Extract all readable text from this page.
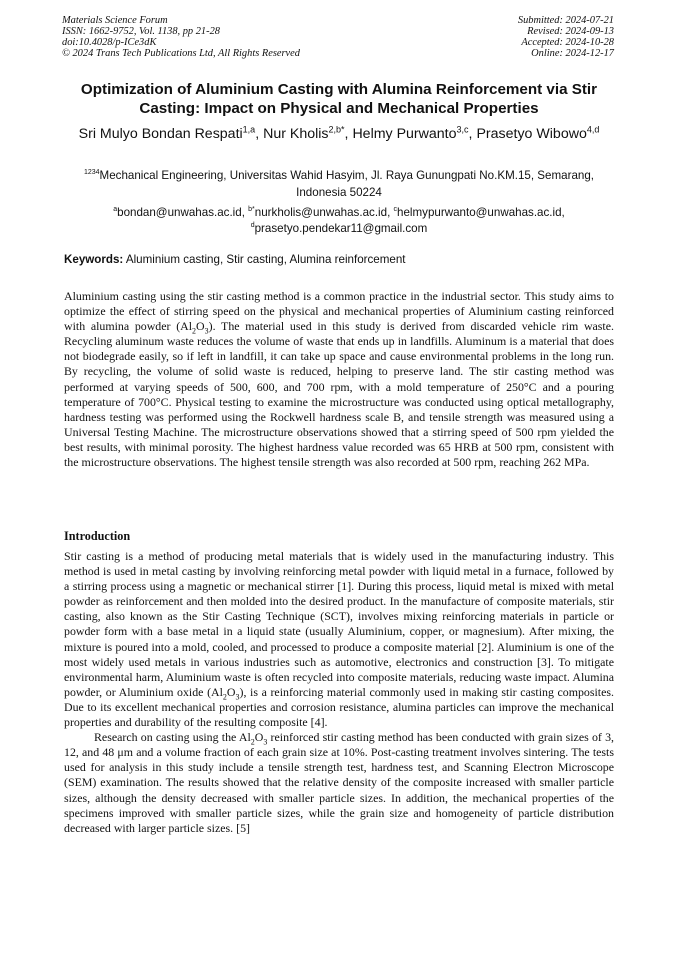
Materials Science Forum
ISSN: 1662-9752, Vol. 1138, pp 21-28
doi:10.4028/p-ICe3dK
© 2024 Trans Tech Publications Ltd, All Rights Reserved
Submitted: 2024-07-21
Revised: 2024-09-13
Accepted: 2024-10-28
Online: 2024-12-17
Optimization of Aluminium Casting with Alumina Reinforcement via Stir Casting: Impact on Physical and Mechanical Properties
Sri Mulyo Bondan Respati$^{1,a}$, Nur Kholis$^{2,b*}$, Helmy Purwanto$^{3,c}$, Prasetyo Wibowo$^{4,d}$
$^{1234}$Mechanical Engineering, Universitas Wahid Hasyim, Jl. Raya Gunungpati No.KM.15, Semarang, Indonesia 50224
$^a$bondan@unwahas.ac.id, $^{b*}$nurkholis@unwahas.ac.id, $^c$helmypurwanto@unwahas.ac.id, $^d$prasetyo.pendekar11@gmail.com
Keywords: Aluminium casting, Stir casting, Alumina reinforcement
Aluminium casting using the stir casting method is a common practice in the industrial sector. This study aims to optimize the effect of stirring speed on the physical and mechanical properties of Aluminium casting reinforced with alumina powder $(Al_2O_3)$. The material used in this study is derived from discarded vehicle rim waste. Recycling aluminum waste reduces the volume of waste that ends up in landfills. Aluminum is a material that does not biodegrade easily, so if left in landfill, it can take up space and cause environmental problems in the long run. By recycling, the volume of solid waste is reduced, helping to preserve land. The stir casting method was performed at varying speeds of 500, 600, and 700 rpm, with a mold temperature of 250°C and a pouring temperature of 700°C. Physical testing to examine the microstructure was conducted using optical metallography, hardness testing was performed using the Rockwell hardness scale B, and tensile strength was measured using a Universal Testing Machine. The microstructure observations showed that a stirring speed of 500 rpm yielded the best results, with minimal porosity. The highest hardness value recorded was 65 HRB at 500 rpm, consistent with the microstructure observations. The highest tensile strength was also recorded at 500 rpm, reaching 262 MPa.
Introduction

Stir casting is a method of producing metal materials that is widely used in the manufacturing industry. This method is used in metal casting by involving reinforcing metal powder with liquid metal in a furnace, followed by a stirring process using a magnetic or mechanical stirrer [1]. During this process, liquid metal is mixed with metal powder as reinforcement and then molded into the desired product. In the manufacture of composite materials, stir casting, also known as the Stir Casting Technique (SCT), involves mixing reinforcing materials in particle or powder form with a base metal in a liquid state (usually Aluminium, copper, or magnesium). After mixing, the mixture is poured into a mold, cooled, and processed to produce a composite material [2]. Aluminium is one of the most widely used metals in various industries such as automotive, electronics and construction [3]. To mitigate environmental harm, Aluminium waste is often recycled into composite materials, reducing waste impact. Alumina powder, or Aluminium oxide $(Al_2O_3)$, is a reinforcing material commonly used in making stir casting composites. Due to its excellent mechanical properties and corrosion resistance, alumina particles can improve the mechanical properties and durability of the resulting composite [4].

Research on casting using the $Al_2O_3$ reinforced stir casting method has been conducted with grain sizes of 3, 12, and 48 μm and a volume fraction of each grain size at 10%. Post-casting treatment involves sintering. The tests used for analysis in this study include a tensile strength test, hardness test, and Scanning Electron Microscope (SEM) examination. The results showed that the relative density of the composite increased with smaller particle sizes, although the density decreased with smaller particle sizes. In addition, the mechanical properties of the specimens improved with smaller particle sizes, while the grain size and homogeneity of particle distribution decreased with larger particle sizes. [5]
